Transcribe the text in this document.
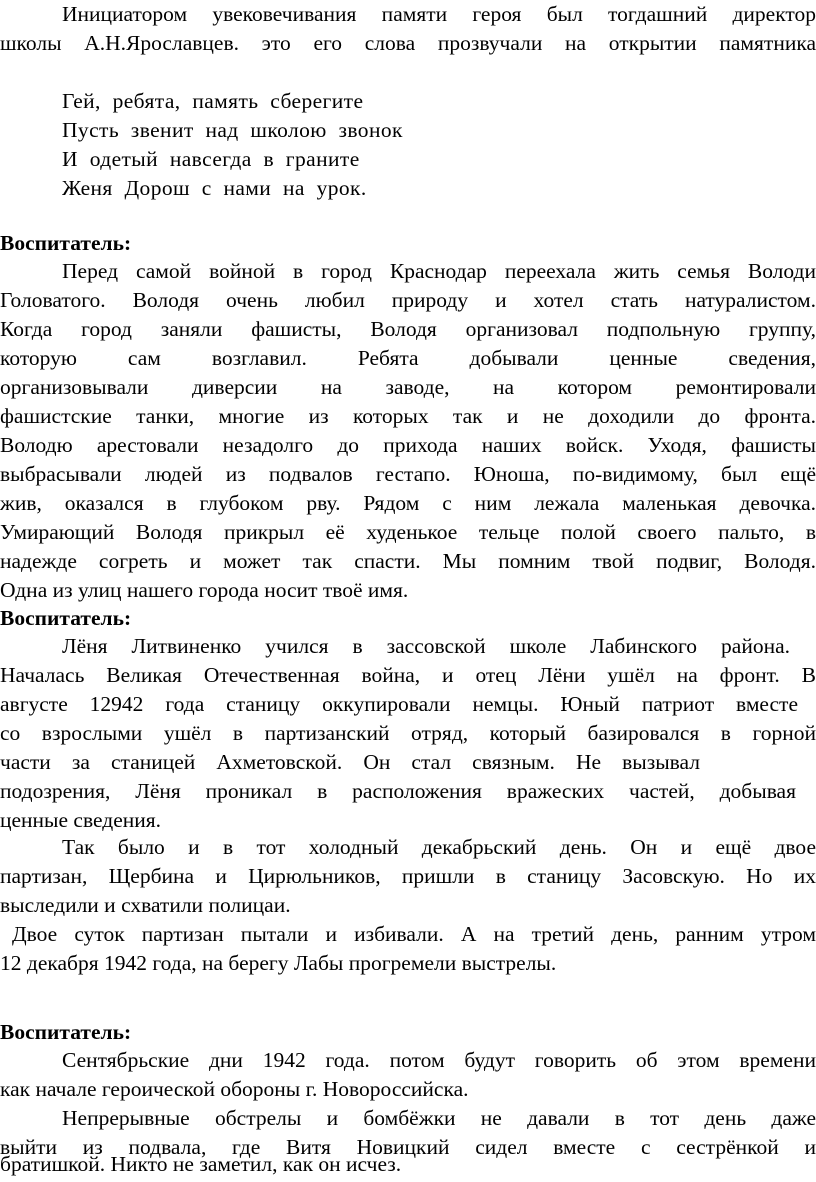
Инициатором увековечивания памяти героя был тогдашний директор
школы А.Н.Ярославцев. это его слова прозвучали на открытии памятника
Гей, ребята, память сберегите
Пусть звенит над школою звонок
И одетый навсегда в граните
Женя Дорош с нами на урок.
Воспитатель:
Перед самой войной в город Краснодар переехала жить семья Володи
Головатого. Володя очень любил природу и хотел стать натуралистом.
Когда город заняли фашисты, Володя организовал подпольную группу,
которую сам возглавил. Ребята добывали ценные сведения,
организовывали диверсии на заводе, на котором ремонтировали
фашистские танки, многие из которых так и не доходили до фронта.
Володю арестовали незадолго до прихода наших войск. Уходя, фашисты
выбрасывали людей из подвалов гестапо. Юноша, по-видимому, был ещё
жив, оказался в глубоком рву. Рядом с ним лежала маленькая девочка.
Умирающий Володя прикрыл её худенькое тельце полой своего пальто, в
надежде согреть и может так спасти. Мы помним твой подвиг, Володя.
Одна из улиц нашего города носит твоё имя.
Воспитатель:
Лёня Литвиненко учился в зассовской школе Лабинского района.
Началась Великая Отечественная война, и отец Лёни ушёл на фронт. В
августе 12942 года станицу оккупировали немцы. Юный патриот вместе
со взрослыми ушёл в партизанский отряд, который базировался в горной
части за станицей Ахметовской. Он стал связным. Не вызывал
подозрения, Лёня проникал в расположения вражеских частей, добывая
ценные сведения.
Так было и в тот холодный декабрьский день. Он и ещё двое
партизан, Щербина и Цирюльников, пришли в станицу Засовскую. Но их
выследили и схватили полицаи.
Двое суток партизан пытали и избивали. А на третий день, ранним утром
12 декабря 1942 года, на берегу Лабы прогремели выстрелы.
Воспитатель:
Сентябрьские дни 1942 года. потом будут говорить об этом времени
как начале героической обороны г. Новороссийска.
Непрерывные обстрелы и бомбёжки не давали в тот день даже
выйти из подвала, где Витя Новицкий сидел вместе с сестрёнкой и
братишкой. Никто не заметил, как он исчез.
